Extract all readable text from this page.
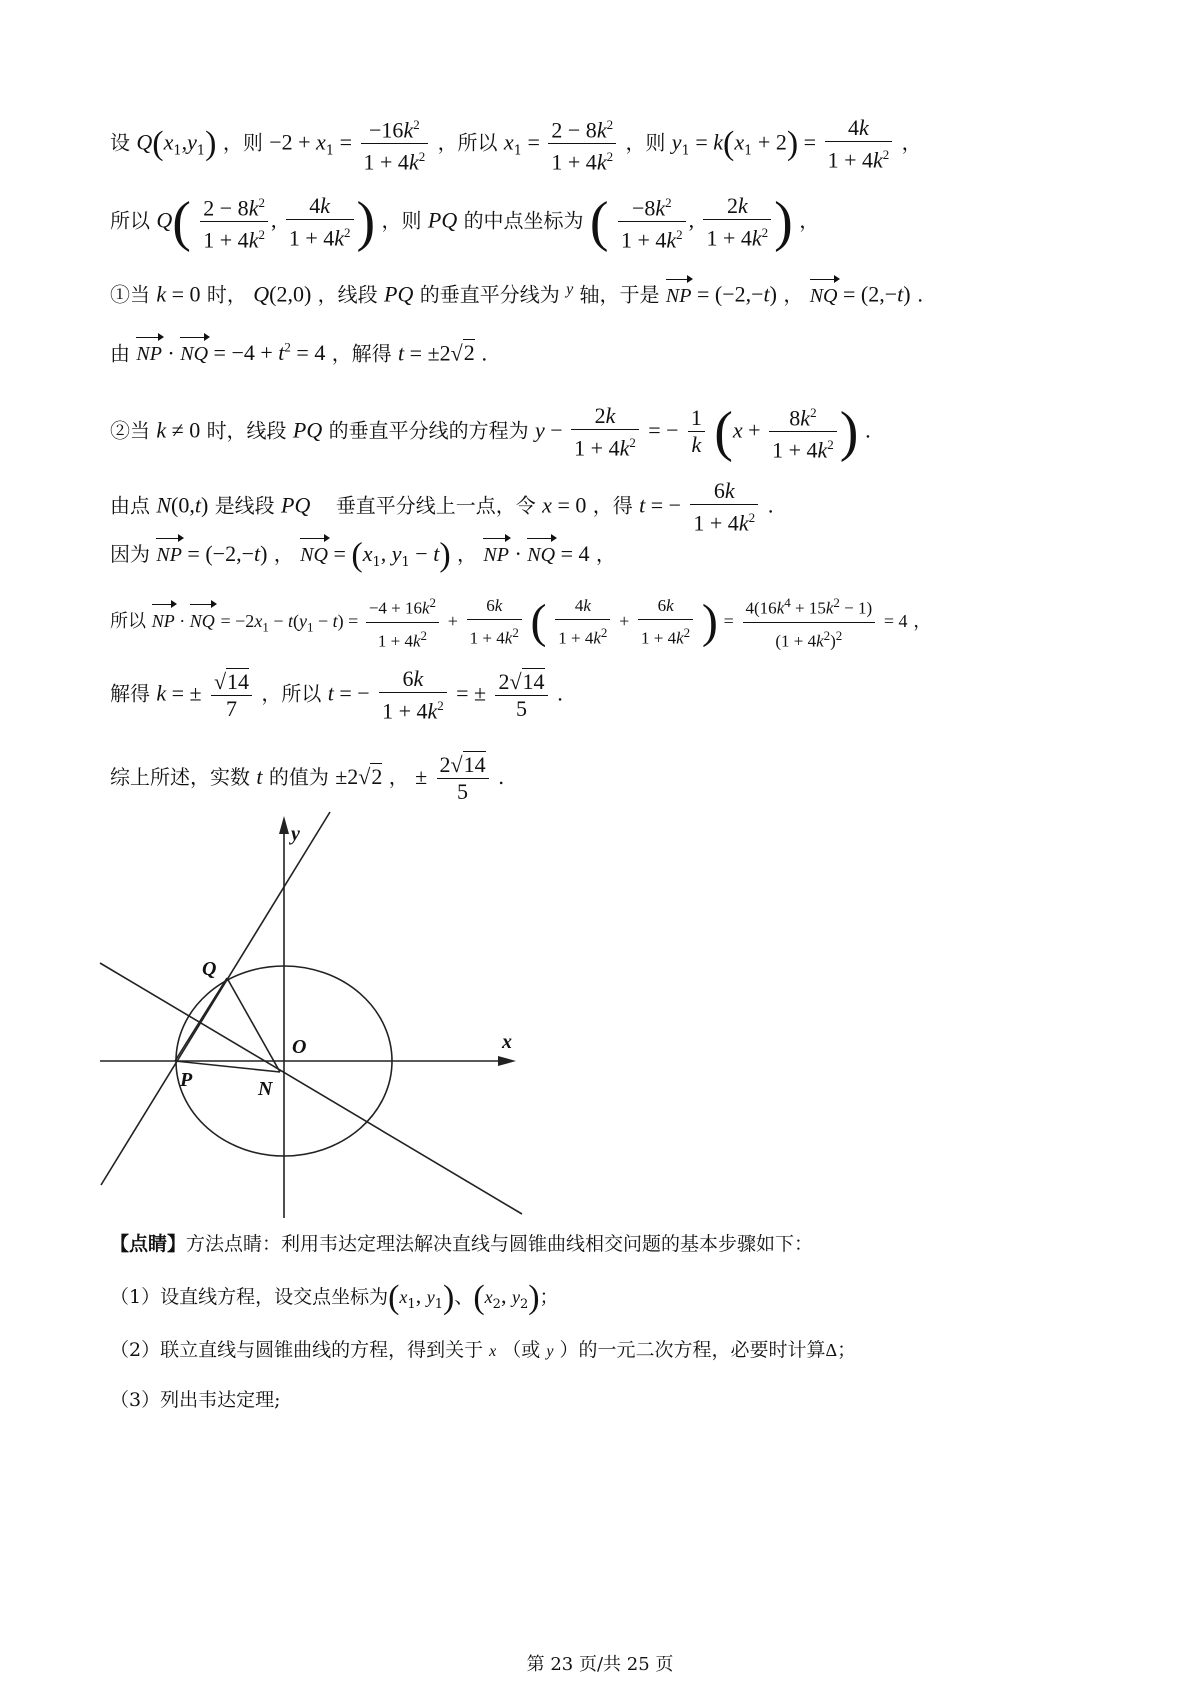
设 $Q(x_1,y_1)$ ，则 $-2 + x_1 = \frac{-16k^2}{1 + 4k^2}$ ，所以 $x_1 = \frac{2 - 8k^2}{1 + 4k^2}$ ，则 $y_1 = k(x_1 + 2) = \frac{4k}{1 + 4k^2}$ ，
所以 $Q( \frac{2 - 8k^2}{1 + 4k^2}$ , $\frac{4k}{1 + 4k^2}$ ) ，则 PQ 的中点坐标为 ( $\frac{-8k^2}{1 + 4k^2}$ , $\frac{2k}{1 + 4k^2}$ ) ，
①当 k = 0 时， Q(2,0) ，线段 PQ 的垂直平分线为 $^y$ 轴，于是 NP = (−2,−t) ， NQ = (2,−t) .
由 NP · NQ = $-4 + t^2 = 4$ ，解得 t = ±2√2 .
②当 k ≠ 0 时，线段 PQ 的垂直平分线的方程为 $y - \frac{2k}{1 + 4k^2}$ = − $\frac{1}{k} (x + \frac{8k^2}{1 + 4k^2}$ ) .
由点 N(0,t) 是线段 PQ 垂直平分线上一点，令 x = 0 ，得 t = − $\frac{6k}{1 + 4k^2}$ .
因为 NP = (−2,−t) ， NQ = ($x_1$, $y_1 - t$) ， NP · NQ = 4 ，
所以 NP · NQ = $-2x_1 - t(y_1 - t) = \frac{-4 + 16k^2}{1 + 4k^2} + \frac{6k}{1 + 4k^2}$ ( $\frac{4k}{1 + 4k^2} + \frac{6k}{1 + 4k^2}$ ) = $\frac{4(16k^4 + 15k^2 - 1)}{(1 + 4k^2)^2} = 4$ ，
解得 k = ± $\frac{√14}{7}$ ，所以 t = − $\frac{6k}{1 + 4k^2}$ = ± $\frac{2√14}{5}$ .
综上所述，实数 t 的值为 ±2√2 ， ± $\frac{2√14}{5}$ .
y
x
O
Q
P	N
【点睛】方法点睛：利用韦达定理法解决直线与圆锥曲线相交问题的基本步骤如下：
（1）设直线方程，设交点坐标为($x_1$, $y_1$)、($x_2$, $y_2$)；
（2）联立直线与圆锥曲线的方程，得到关于 x （或 y ）的一元二次方程，必要时计算Δ；
（3）列出韦达定理;
第 23 页/共 25 页
